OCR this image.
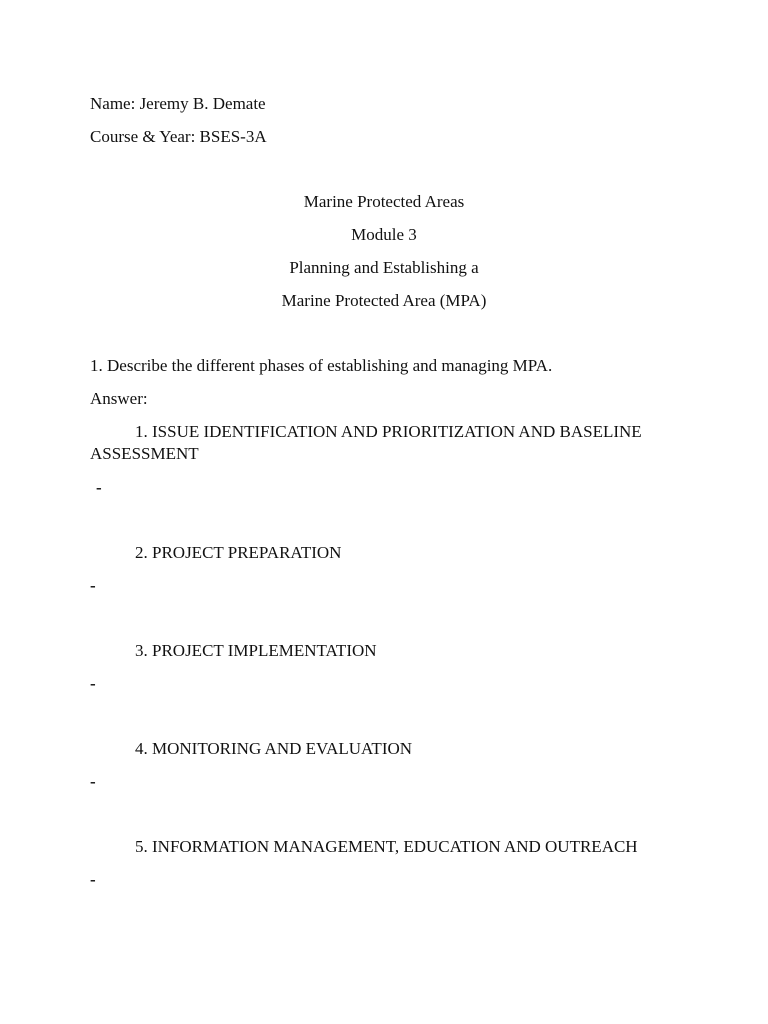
Name: Jeremy B. Demate
Course & Year: BSES-3A
Marine Protected Areas
Module 3
Planning and Establishing a
Marine Protected Area (MPA)
1. Describe the different phases of establishing and managing MPA.
Answer:
1. ISSUE IDENTIFICATION AND PRIORITIZATION AND BASELINE
ASSESSMENT
-
2. PROJECT PREPARATION
-
3. PROJECT IMPLEMENTATION
-
4. MONITORING AND EVALUATION
-
5. INFORMATION MANAGEMENT, EDUCATION AND OUTREACH
-
